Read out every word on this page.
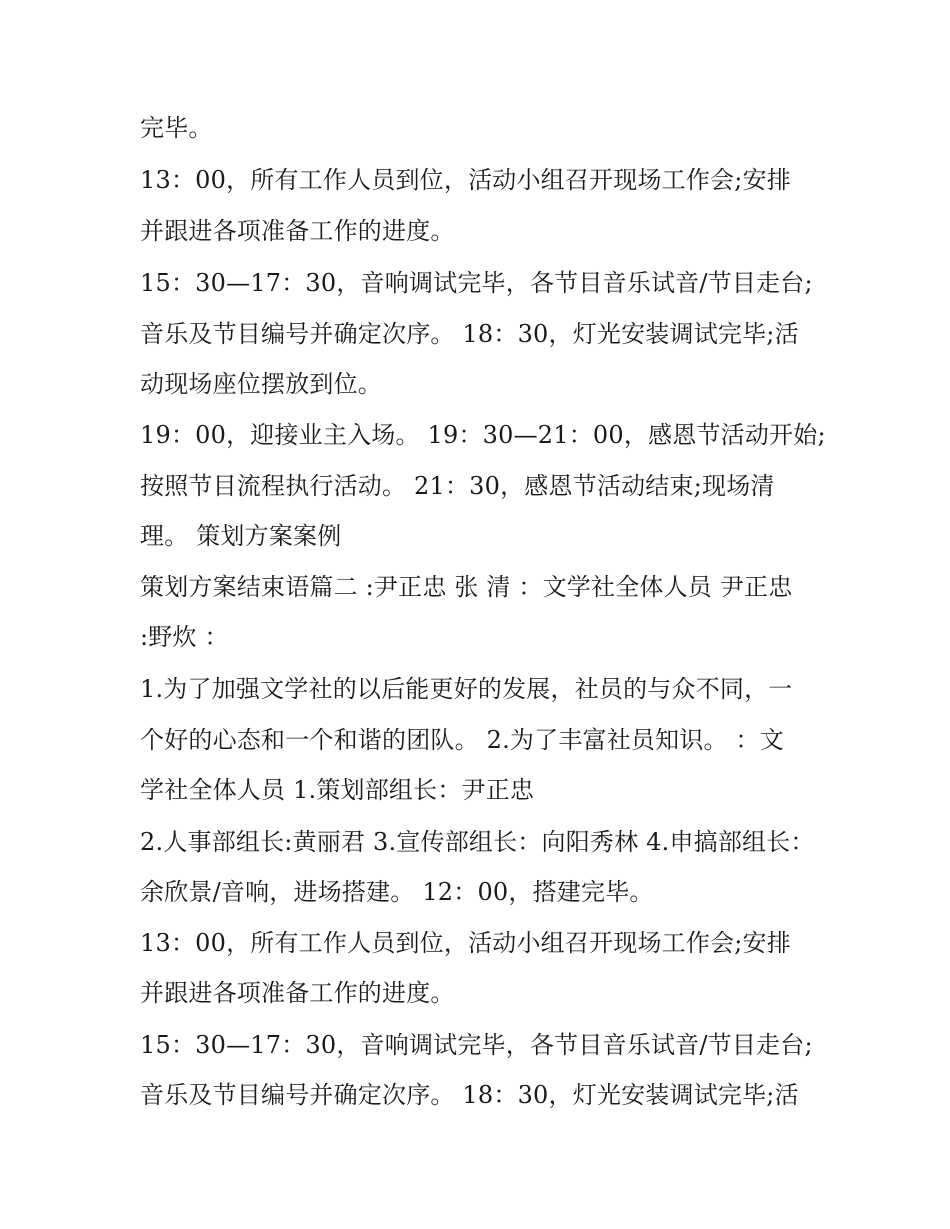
完毕。

13：00，所有工作人员到位，活动小组召开现场工作会;安排

并跟进各项准备工作的进度。

15：30—17：30，音响调试完毕，各节目音乐试音/节目走台;

音乐及节目编号并确定次序。 18：30，灯光安装调试完毕;活

动现场座位摆放到位。

19：00，迎接业主入场。 19：30—21：00，感恩节活动开始;

按照节目流程执行活动。 21：30，感恩节活动结束;现场清

理。 策划方案案例

策划方案结束语篇二 :尹正忠 张 清 ：文学社全体人员 尹正忠

:野炊 ：

1.为了加强文学社的以后能更好的发展，社员的与众不同，一

个好的心态和一个和谐的团队。 2.为了丰富社员知识。 ：文

学社全体人员 1.策划部组长：尹正忠

2.人事部组长:黄丽君 3.宣传部组长：向阳秀林 4.申搞部组长：

余欣景/音响，进场搭建。 12：00，搭建完毕。

13：00，所有工作人员到位，活动小组召开现场工作会;安排

并跟进各项准备工作的进度。

15：30—17：30，音响调试完毕，各节目音乐试音/节目走台;

音乐及节目编号并确定次序。 18：30，灯光安装调试完毕;活
